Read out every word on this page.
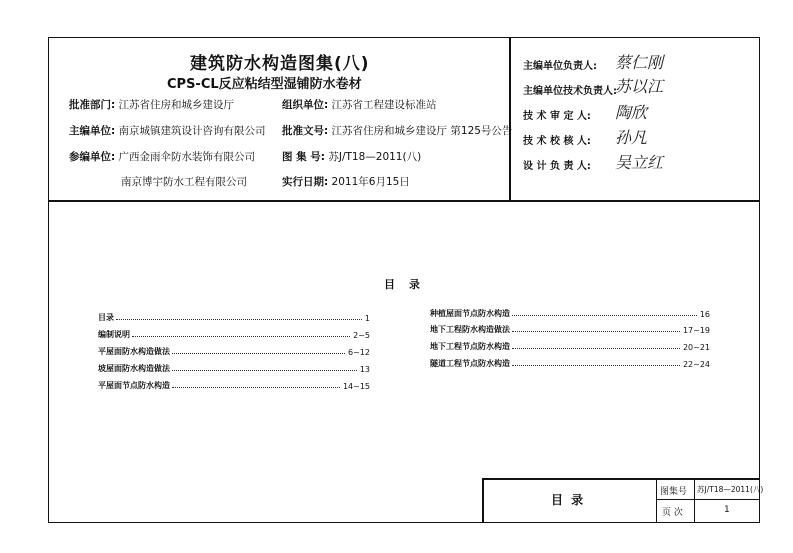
建筑防水构造图集(八)
CPS-CL反应粘结型湿铺防水卷材
批准部门: 江苏省住房和城乡建设厅
主编单位: 南京城镇建筑设计咨询有限公司
参编单位: 广西金雨伞防水装饰有限公司
南京博宇防水工程有限公司
组织单位: 江苏省工程建设标准站
批准文号: 江苏省住房和城乡建设厅 第125号公告
图 集 号: 苏J/T18—2011(八)
实行日期: 2011年6月15日
主编单位负责人: 蔡仁刚
主编单位技术负责人:
苏以江
技 术 审 定 人: 陶欣
技 术 校 核 人: 孙凡
设 计 负 责 人: 吴立红
目录
目录	1
编制说明	2~5
平屋面防水构造做法	6~12
坡屋面防水构造做法	13
平屋面节点防水构造	14~15
种植屋面节点防水构造	16
地下工程防水构造做法	17~19
地下工程节点防水构造	20~21
隧道工程节点防水构造	22~24
目 录
图集号 苏J/T18—2011(八)
页 次	1
